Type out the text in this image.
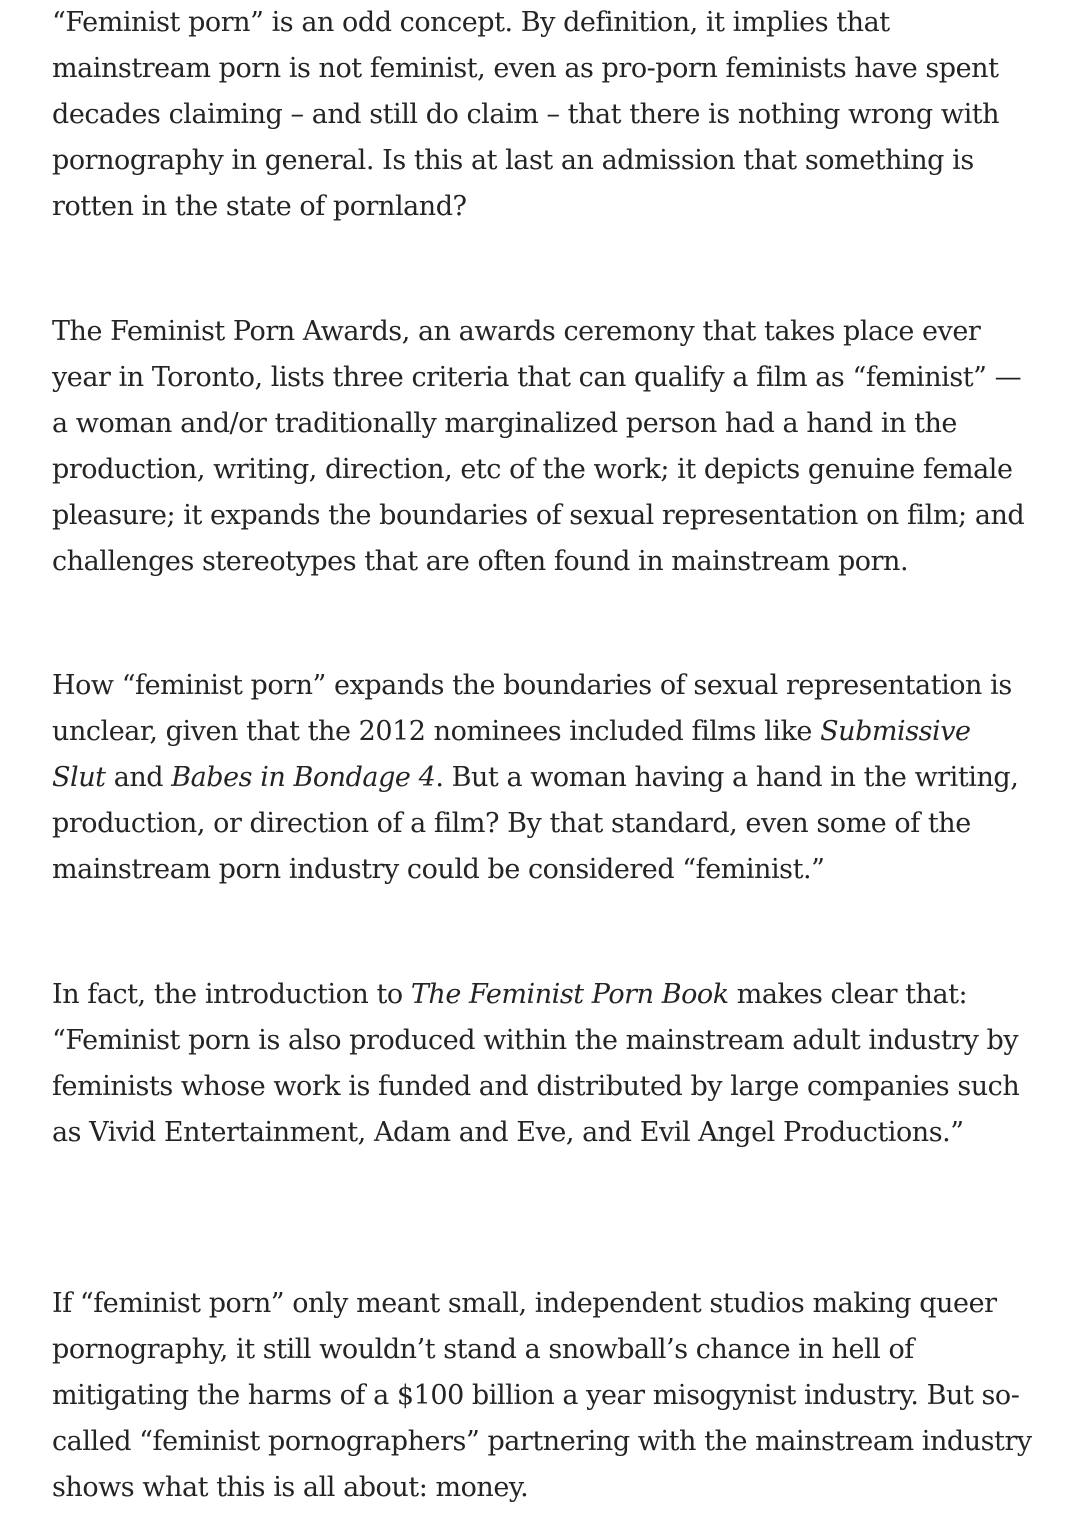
“Feminist porn” is an odd concept. By definition, it implies that mainstream porn is not feminist, even as pro-porn feminists have spent decades claiming – and still do claim – that there is nothing wrong with pornography in general. Is this at last an admission that something is rotten in the state of pornland?

The Feminist Porn Awards, an awards ceremony that takes place ever year in Toronto, lists three criteria that can qualify a film as “feminist” — a woman and/or traditionally marginalized person had a hand in the production, writing, direction, etc of the work; it depicts genuine female pleasure; it expands the boundaries of sexual representation on film; and challenges stereotypes that are often found in mainstream porn.

How “feminist porn” expands the boundaries of sexual representation is unclear, given that the 2012 nominees included films like Submissive Slut and Babes in Bondage 4. But a woman having a hand in the writing, production, or direction of a film? By that standard, even some of the mainstream porn industry could be considered “feminist.”

In fact, the introduction to The Feminist Porn Book makes clear that: “Feminist porn is also produced within the mainstream adult industry by feminists whose work is funded and distributed by large companies such as Vivid Entertainment, Adam and Eve, and Evil Angel Productions.”

If “feminist porn” only meant small, independent studios making queer pornography, it still wouldn’t stand a snowball’s chance in hell of mitigating the harms of a $100 billion a year misogynist industry. But so-called “feminist pornographers” partnering with the mainstream industry shows what this is all about: money.
